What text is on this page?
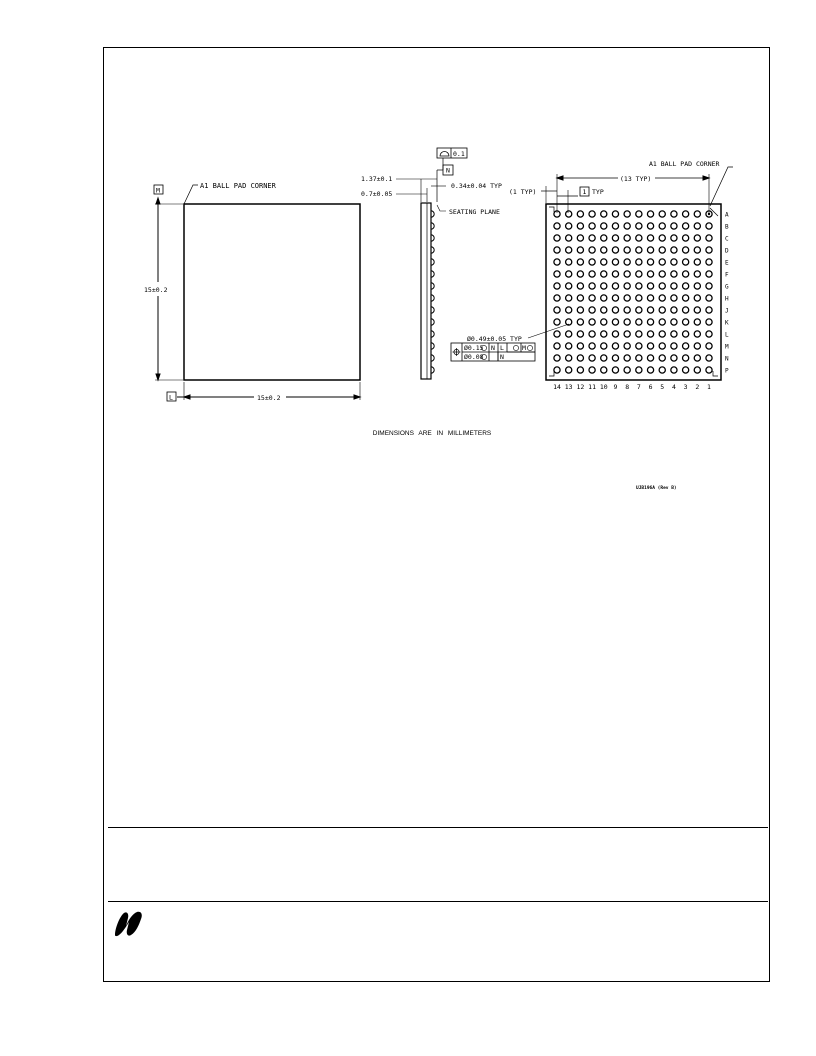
M
A1 BALL PAD CORNER
15±0.2
L	15±0.2
0.1
N
1.37±0.1
0.34±0.04 TYP
0.7±0.05
SEATING PLANE	A
B
C
D
E
F
G
H
J
K
L
M
N
P
14 13 12 11 10 9 8 7 6 5 4 3 2 1
A1 BALL PAD CORNER
(13 TYP)
(1 TYP)	1 TYP
Ø0.49±0.05 TYP
Ø0.15 N L	M
Ø0.08	N
DIMENSIONS ARE IN MILLIMETERS
UJB196A (Rev B)
